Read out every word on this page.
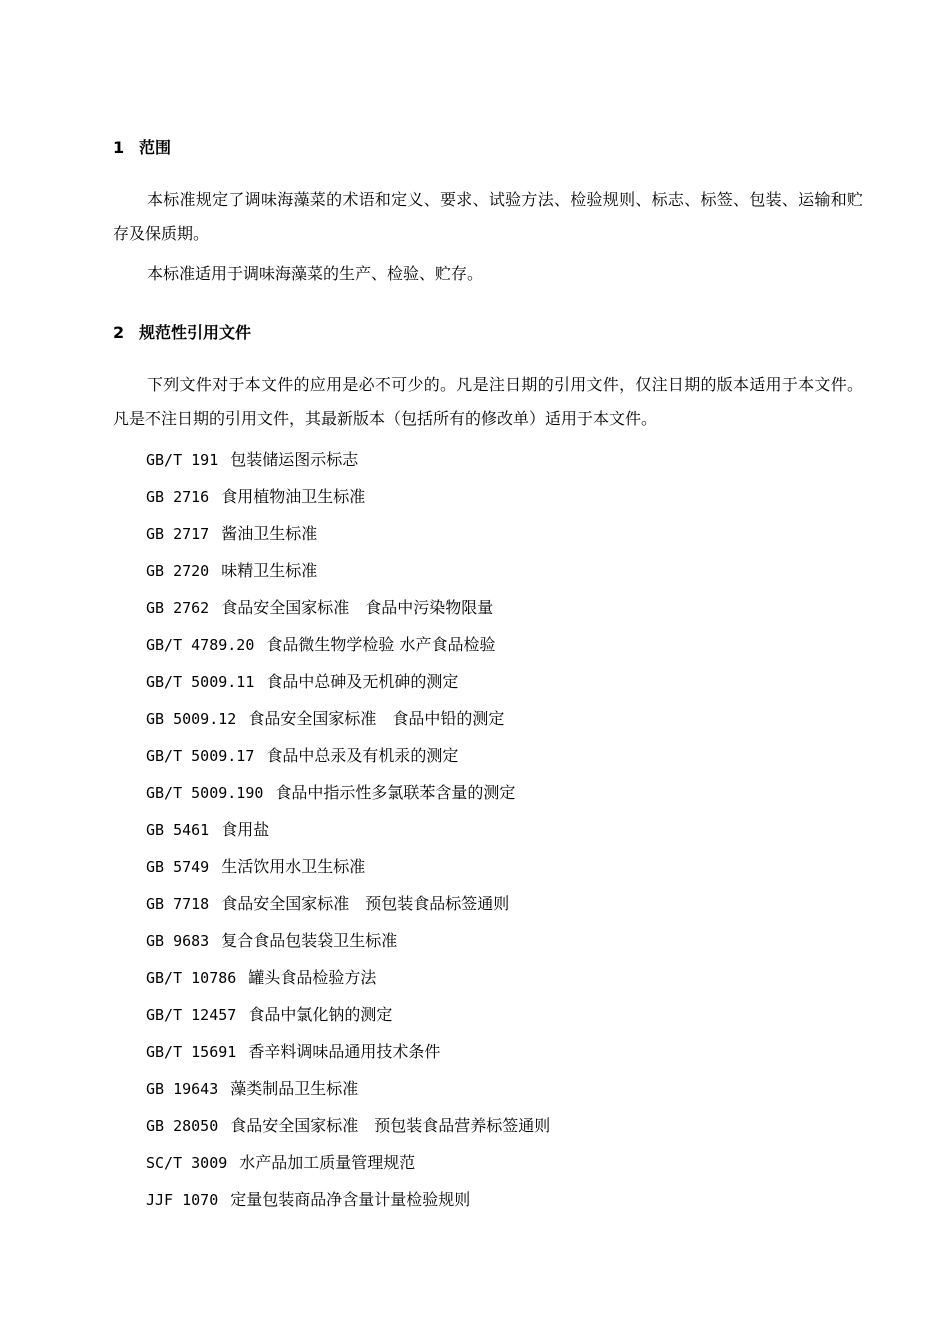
1 范围

本标准规定了调味海藻菜的术语和定义、要求、试验方法、检验规则、标志、标签、包装、运输和贮存及保质期。

本标准适用于调味海藻菜的生产、检验、贮存。

2 规范性引用文件

下列文件对于本文件的应用是必不可少的。凡是注日期的引用文件，仅注日期的版本适用于本文件。凡是不注日期的引用文件，其最新版本（包括所有的修改单）适用于本文件。

GB/T 191 包装储运图示标志
GB 2716 食用植物油卫生标准
GB 2717 酱油卫生标准
GB 2720 味精卫生标准
GB 2762 食品安全国家标准　食品中污染物限量
GB/T 4789.20 食品微生物学检验 水产食品检验
GB/T 5009.11 食品中总砷及无机砷的测定
GB 5009.12 食品安全国家标准　食品中铅的测定
GB/T 5009.17 食品中总汞及有机汞的测定
GB/T 5009.190 食品中指示性多氯联苯含量的测定
GB 5461 食用盐
GB 5749 生活饮用水卫生标准
GB 7718 食品安全国家标准　预包装食品标签通则
GB 9683 复合食品包装袋卫生标准
GB/T 10786 罐头食品检验方法
GB/T 12457 食品中氯化钠的测定
GB/T 15691 香辛料调味品通用技术条件
GB 19643 藻类制品卫生标准
GB 28050 食品安全国家标准　预包装食品营养标签通则
SC/T 3009 水产品加工质量管理规范
JJF 1070 定量包装商品净含量计量检验规则
